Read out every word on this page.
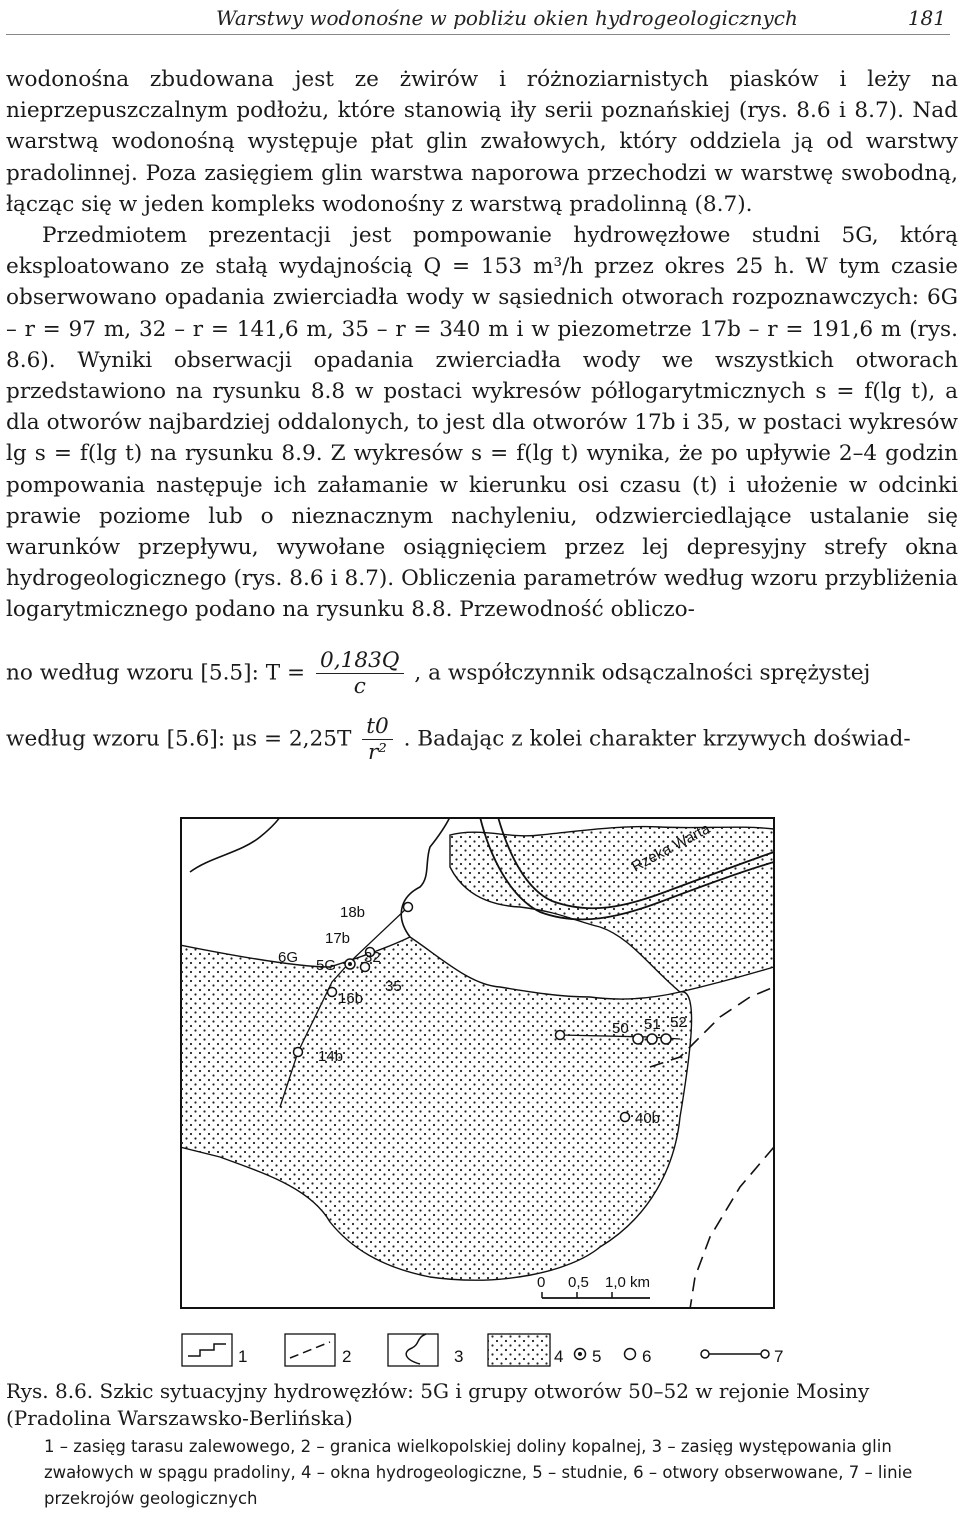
Warstwy wodonośne w pobliżu okien hydrogeologicznych	181

wodonośna zbudowana jest ze żwirów i różnoziarnistych piasków i leży na nieprzepuszczalnym podłożu, które stanowią iły serii poznańskiej (rys. 8.6 i 8.7). Nad warstwą wodonośną występuje płat glin zwałowych, który oddziela ją od warstwy pradolinnej. Poza zasięgiem glin warstwa naporowa przechodzi w warstwę swobodną, łącząc się w jeden kompleks wodonośny z warstwą pradolinną (8.7).

Przedmiotem prezentacji jest pompowanie hydrowęzłowe studni 5G, którą eksploatowano ze stałą wydajnością Q = 153 m³/h przez okres 25 h. W tym czasie obserwowano opadania zwierciadła wody w sąsiednich otworach rozpoznawczych: 6G – r = 97 m, 32 – r = 141,6 m, 35 – r = 340 m i w piezometrze 17b – r = 191,6 m (rys. 8.6). Wyniki obserwacji opadania zwierciadła wody we wszystkich otworach przedstawiono na rysunku 8.8 w postaci wykresów półlogarytmicznych s = f(lg t), a dla otworów najbardziej oddalonych, to jest dla otworów 17b i 35, w postaci wykresów lg s = f(lg t) na rysunku 8.9. Z wykresów s = f(lg t) wynika, że po upływie 2–4 godzin pompowania następuje ich załamanie w kierunku osi czasu (t) i ułożenie w odcinki prawie poziome lub o nieznacznym nachyleniu, odzwierciedlające ustalanie się warunków przepływu, wywołane osiągnięciem przez lej depresyjny strefy okna hydrogeologicznego (rys. 8.6 i 8.7). Obliczenia parametrów według wzoru przybliżenia logarytmicznego podano na rysunku 8.8. Przewodność obliczo-

no według wzoru [5.5]: $T = \frac{0,183Q}{c}$ , a współczynnik odsączalności sprężystej
według wzoru [5.6]: $\mu s = 2,25T \frac{t0}{\text{r²}}$ . Badając z kolei charakter krzywych doświad-
Rzeka Warta
18b
17b
6G 5G 32
35
16b
14b
50 51 52
40b
0 0,5 1,0 km
1	2	3	4 5 6	7
Rys. 8.6. Szkic sytuacyjny hydrowęzłów: 5G i grupy otworów 50–52 w rejonie Mosiny (Pradolina Warszawsko-Berlińska)
1 – zasięg tarasu zalewowego, 2 – granica wielkopolskiej doliny kopalnej, 3 – zasięg występowania glin zwałowych w spągu pradoliny, 4 – okna hydrogeologiczne, 5 – studnie, 6 – otwory obserwowane, 7 – linie przekrojów geologicznych
